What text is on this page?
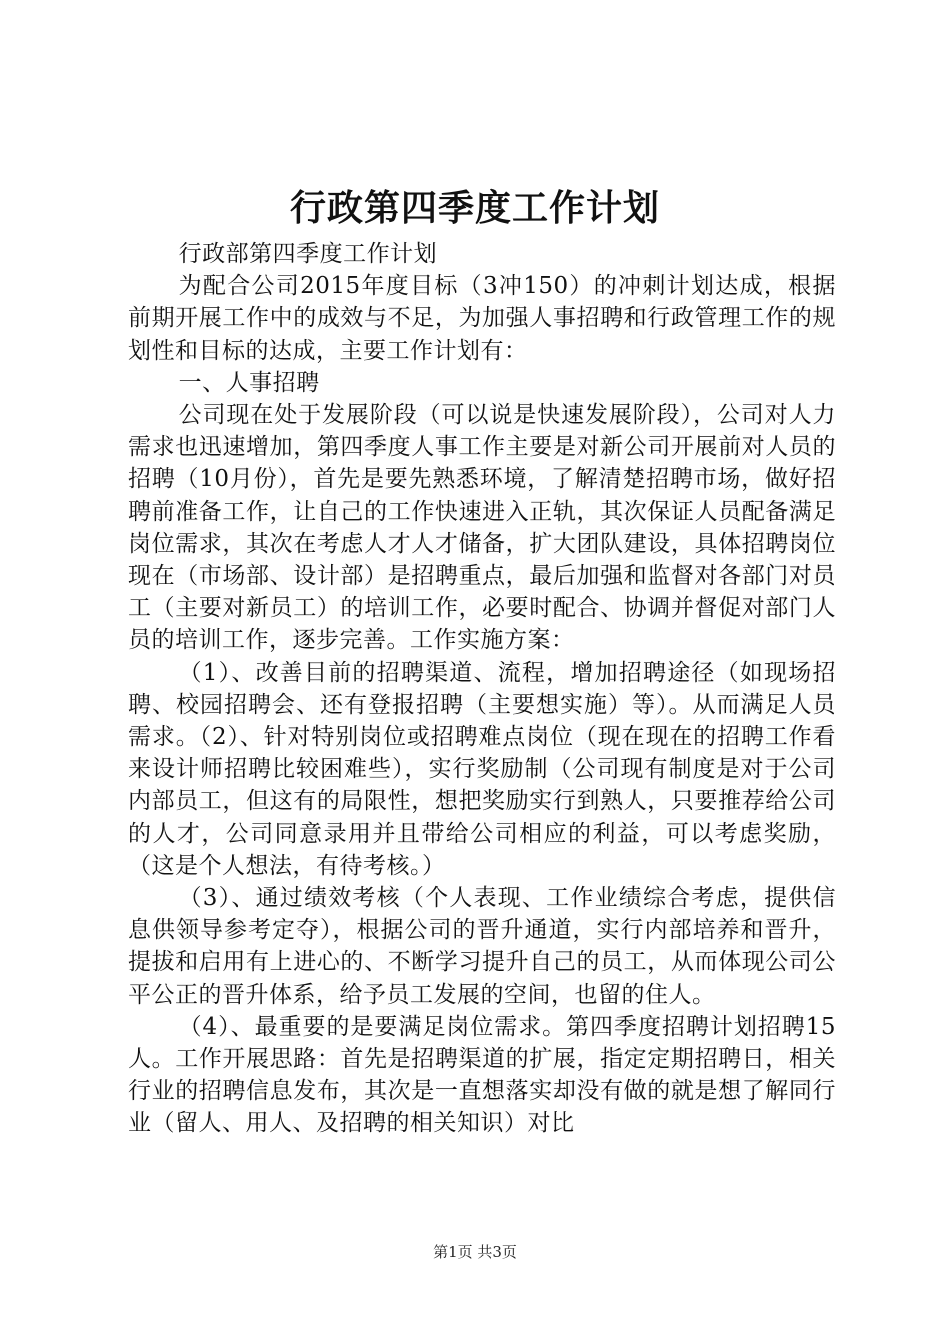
行政第四季度工作计划

行政部第四季度工作计划

为配合公司2015年度目标（3冲150）的冲刺计划达成，根据前期开展工作中的成效与不足，为加强人事招聘和行政管理工作的规划性和目标的达成，主要工作计划有：

一、人事招聘

公司现在处于发展阶段（可以说是快速发展阶段），公司对人力需求也迅速增加，第四季度人事工作主要是对新公司开展前对人员的招聘（10月份），首先是要先熟悉环境，了解清楚招聘市场，做好招聘前准备工作，让自己的工作快速进入正轨，其次保证人员配备满足岗位需求，其次在考虑人才人才储备，扩大团队建设，具体招聘岗位现在（市场部、设计部）是招聘重点，最后加强和监督对各部门对员工（主要对新员工）的培训工作，必要时配合、协调并督促对部门人员的培训工作，逐步完善。工作实施方案：

（1）、改善目前的招聘渠道、流程，增加招聘途径（如现场招聘、校园招聘会、还有登报招聘（主要想实施）等）。从而满足人员需求。（2）、针对特别岗位或招聘难点岗位（现在现在的招聘工作看来设计师招聘比较困难些），实行奖励制（公司现有制度是对于公司内部员工，但这有的局限性，想把奖励实行到熟人，只要推荐给公司的人才，公司同意录用并且带给公司相应的利益，可以考虑奖励，（这是个人想法，有待考核。）

（3）、通过绩效考核（个人表现、工作业绩综合考虑，提供信息供领导参考定夺），根据公司的晋升通道，实行内部培养和晋升，提拔和启用有上进心的、不断学习提升自己的员工，从而体现公司公平公正的晋升体系，给予员工发展的空间，也留的住人。

（4）、最重要的是要满足岗位需求。第四季度招聘计划招聘15人。工作开展思路：首先是招聘渠道的扩展，指定定期招聘日，相关行业的招聘信息发布，其次是一直想落实却没有做的就是想了解同行业（留人、用人、及招聘的相关知识）对比

第1页 共3页
